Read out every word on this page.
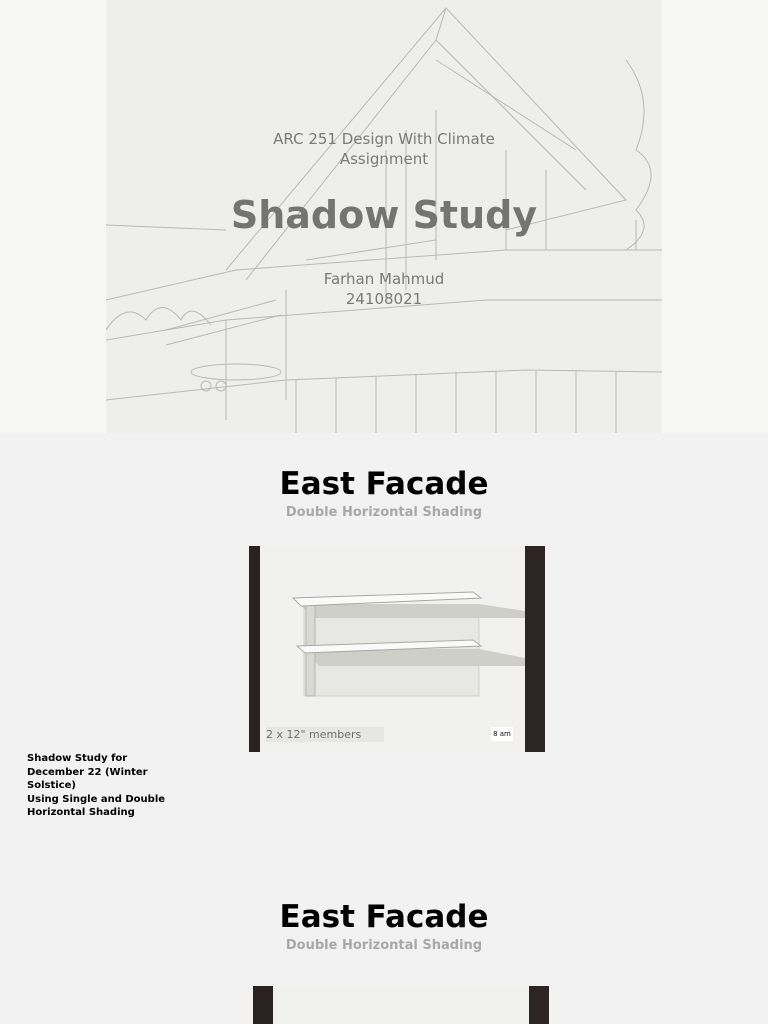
ARC 251 Design With Climate
Assignment
Shadow Study
Farhan Mahmud
24108021
East Facade
Double Horizontal Shading
2 x 12" members	8 am
Shadow Study for
December 22 (Winter
Solstice)
Using Single and Double
Horizontal Shading
East Facade
Double Horizontal Shading
